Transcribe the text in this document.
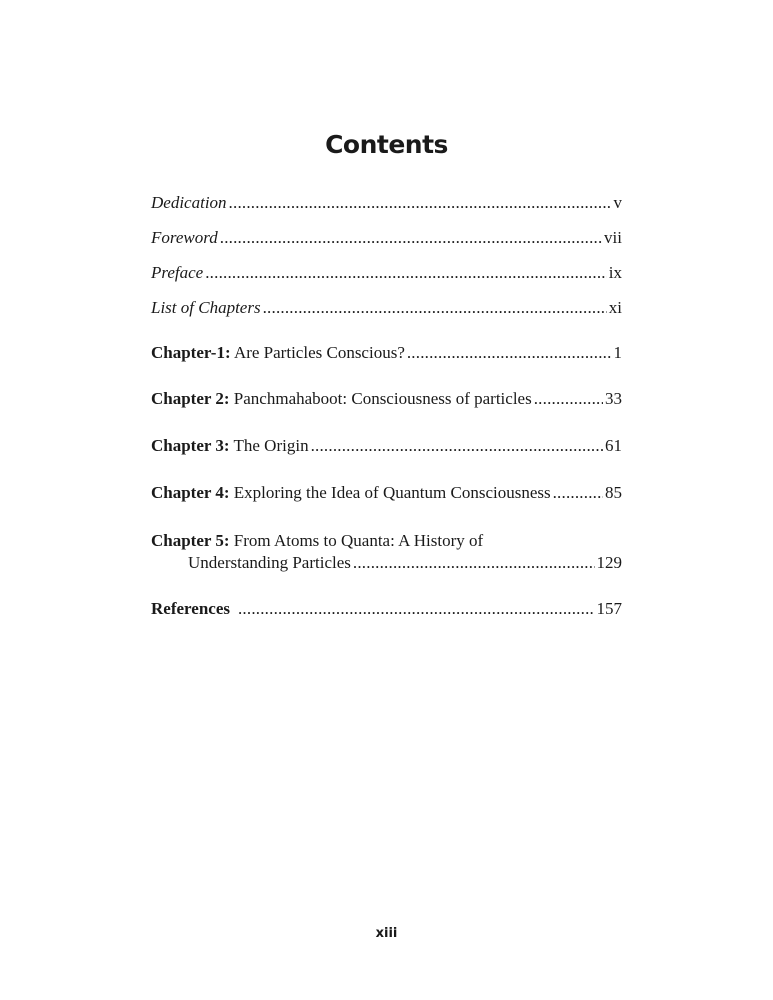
Contents
Dedication .....	v
Foreword .....	vii
Preface .....	ix
List of Chapters .....	xi
Chapter-1: Are Particles Conscious? .....	1
Chapter 2: Panchmahaboot: Consciousness of particles .....	33
Chapter 3: The Origin .....	61
Chapter 4: Exploring the Idea of Quantum Consciousness .....	85
Chapter 5: From Atoms to Quanta: A History of
Understanding Particles .....	129
References .....	157

xiii
